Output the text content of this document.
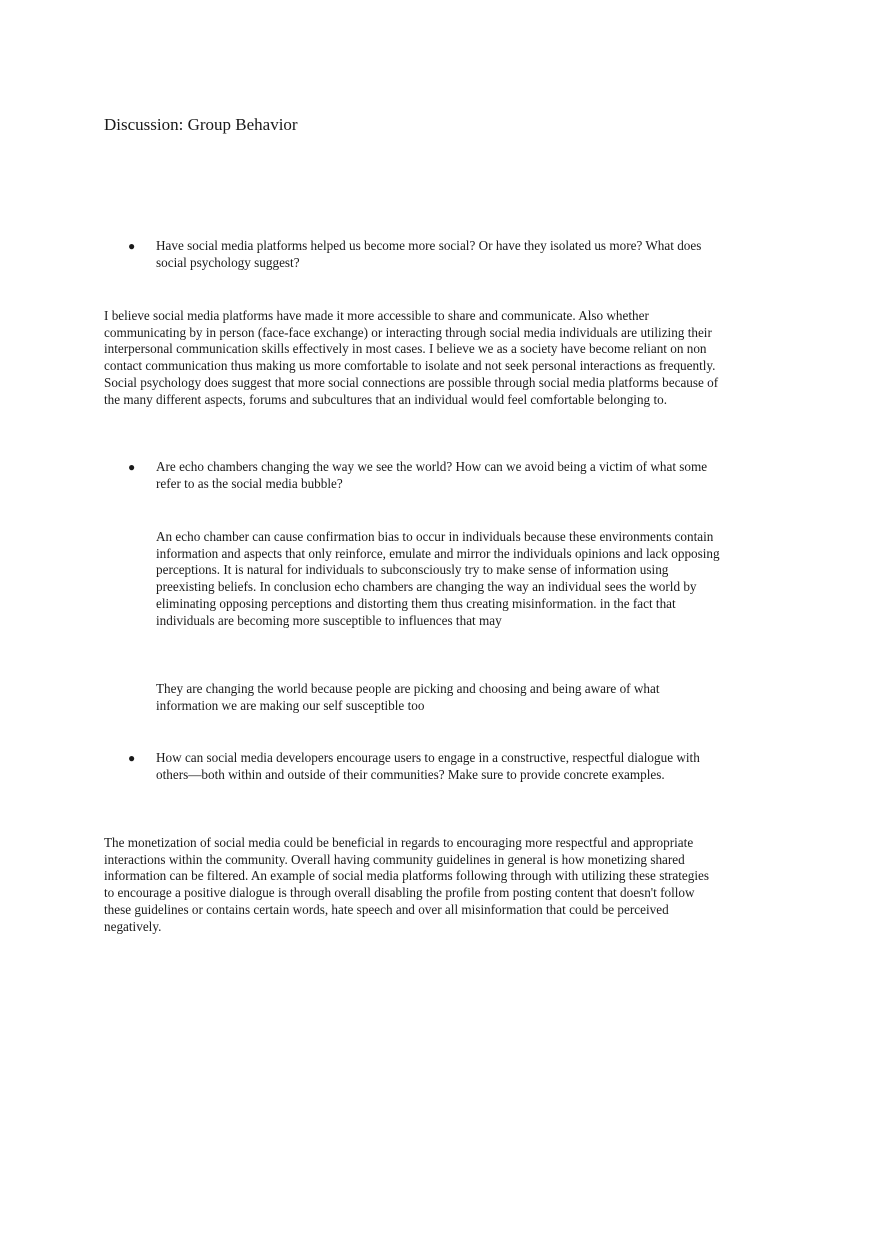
Discussion: Group Behavior
● Have social media platforms helped us become more social? Or have they isolated us more? What does social psychology suggest?

I believe social media platforms have made it more accessible to share and communicate. Also whether communicating by in person (face-face exchange) or interacting through social media individuals are utilizing their interpersonal communication skills effectively in most cases. I believe we as a society have become reliant on non contact communication thus making us more comfortable to isolate and not seek personal interactions as frequently. Social psychology does suggest that more social connections are possible through social media platforms because of the many different aspects, forums and subcultures that an individual would feel comfortable belonging to.

● Are echo chambers changing the way we see the world? How can we avoid being a victim of what some refer to as the social media bubble?

An echo chamber can cause confirmation bias to occur in individuals because these environments contain information and aspects that only reinforce, emulate and mirror the individuals opinions and lack opposing perceptions. It is natural for individuals to subconsciously try to make sense of information using preexisting beliefs. In conclusion echo chambers are changing the way an individual sees the world by eliminating opposing perceptions and distorting them thus creating misinformation. in the fact that individuals are becoming more susceptible to influences that may

They are changing the world because people are picking and choosing and being aware of what information we are making our self susceptible too

● How can social media developers encourage users to engage in a constructive, respectful dialogue with others—both within and outside of their communities? Make sure to provide concrete examples.

The monetization of social media could be beneficial in regards to encouraging more respectful and appropriate interactions within the community. Overall having community guidelines in general is how monetizing shared information can be filtered. An example of social media platforms following through with utilizing these strategies to encourage a positive dialogue is through overall disabling the profile from posting content that doesn't follow these guidelines or contains certain words, hate speech and over all misinformation that could be perceived negatively.
